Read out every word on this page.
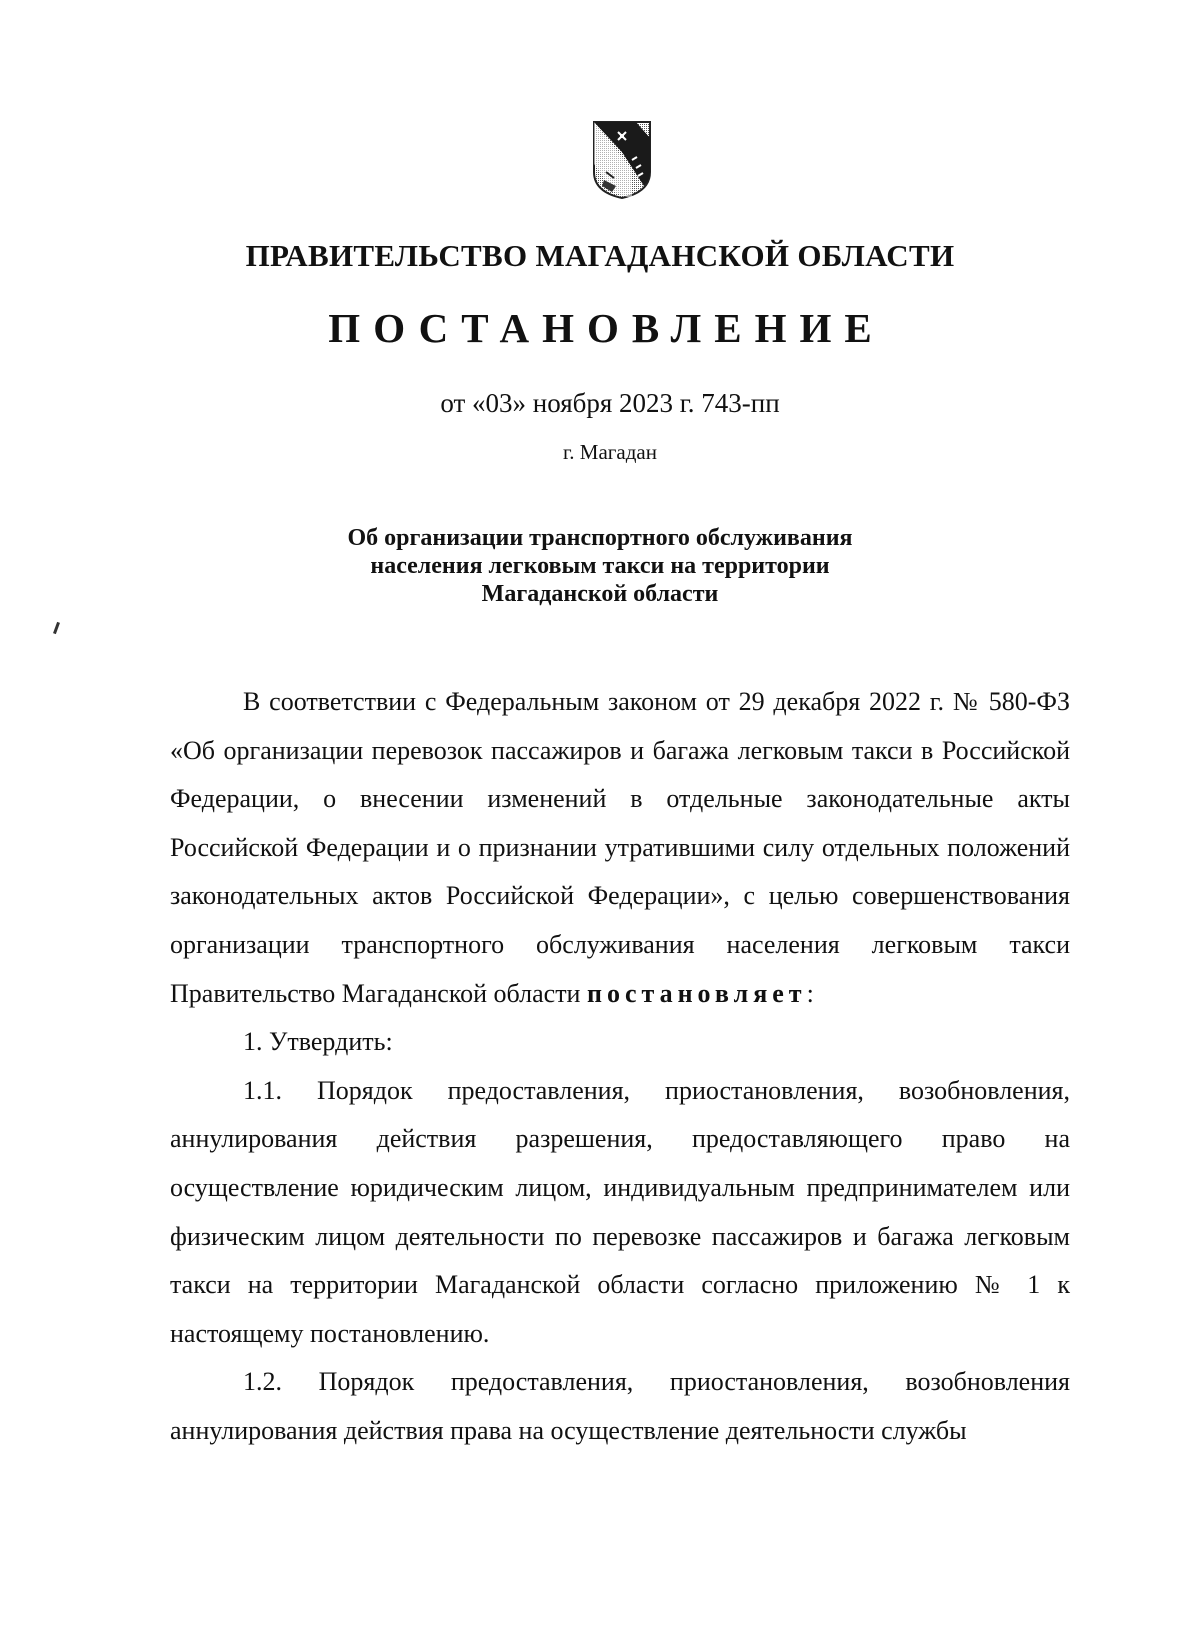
ПРАВИТЕЛЬСТВО МАГАДАНСКОЙ ОБЛАСТИ
ПОСТАНОВЛЕНИЕ
от «03» ноября 2023 г. 743-пп
г. Магадан
Об организации транспортного обслуживания
населения легковым такси на территории
Магаданской области

В соответствии с Федеральным законом от 29 декабря 2022 г. № 580-ФЗ «Об организации перевозок пассажиров и багажа легковым такси в Российской Федерации, о внесении изменений в отдельные законодательные акты Российской Федерации и о признании утратившими силу отдельных положений законодательных актов Российской Федерации», с целью совершенствования организации транспортного обслуживания населения легковым такси Правительство Магаданской области постановляет:

1. Утвердить:

1.1. Порядок предоставления, приостановления, возобновления, аннулирования действия разрешения, предоставляющего право на осуществление юридическим лицом, индивидуальным предпринимателем или физическим лицом деятельности по перевозке пассажиров и багажа легковым такси на территории Магаданской области согласно приложению № 1 к настоящему постановлению.

1.2. Порядок предоставления, приостановления, возобновления аннулирования действия права на осуществление деятельности службы
